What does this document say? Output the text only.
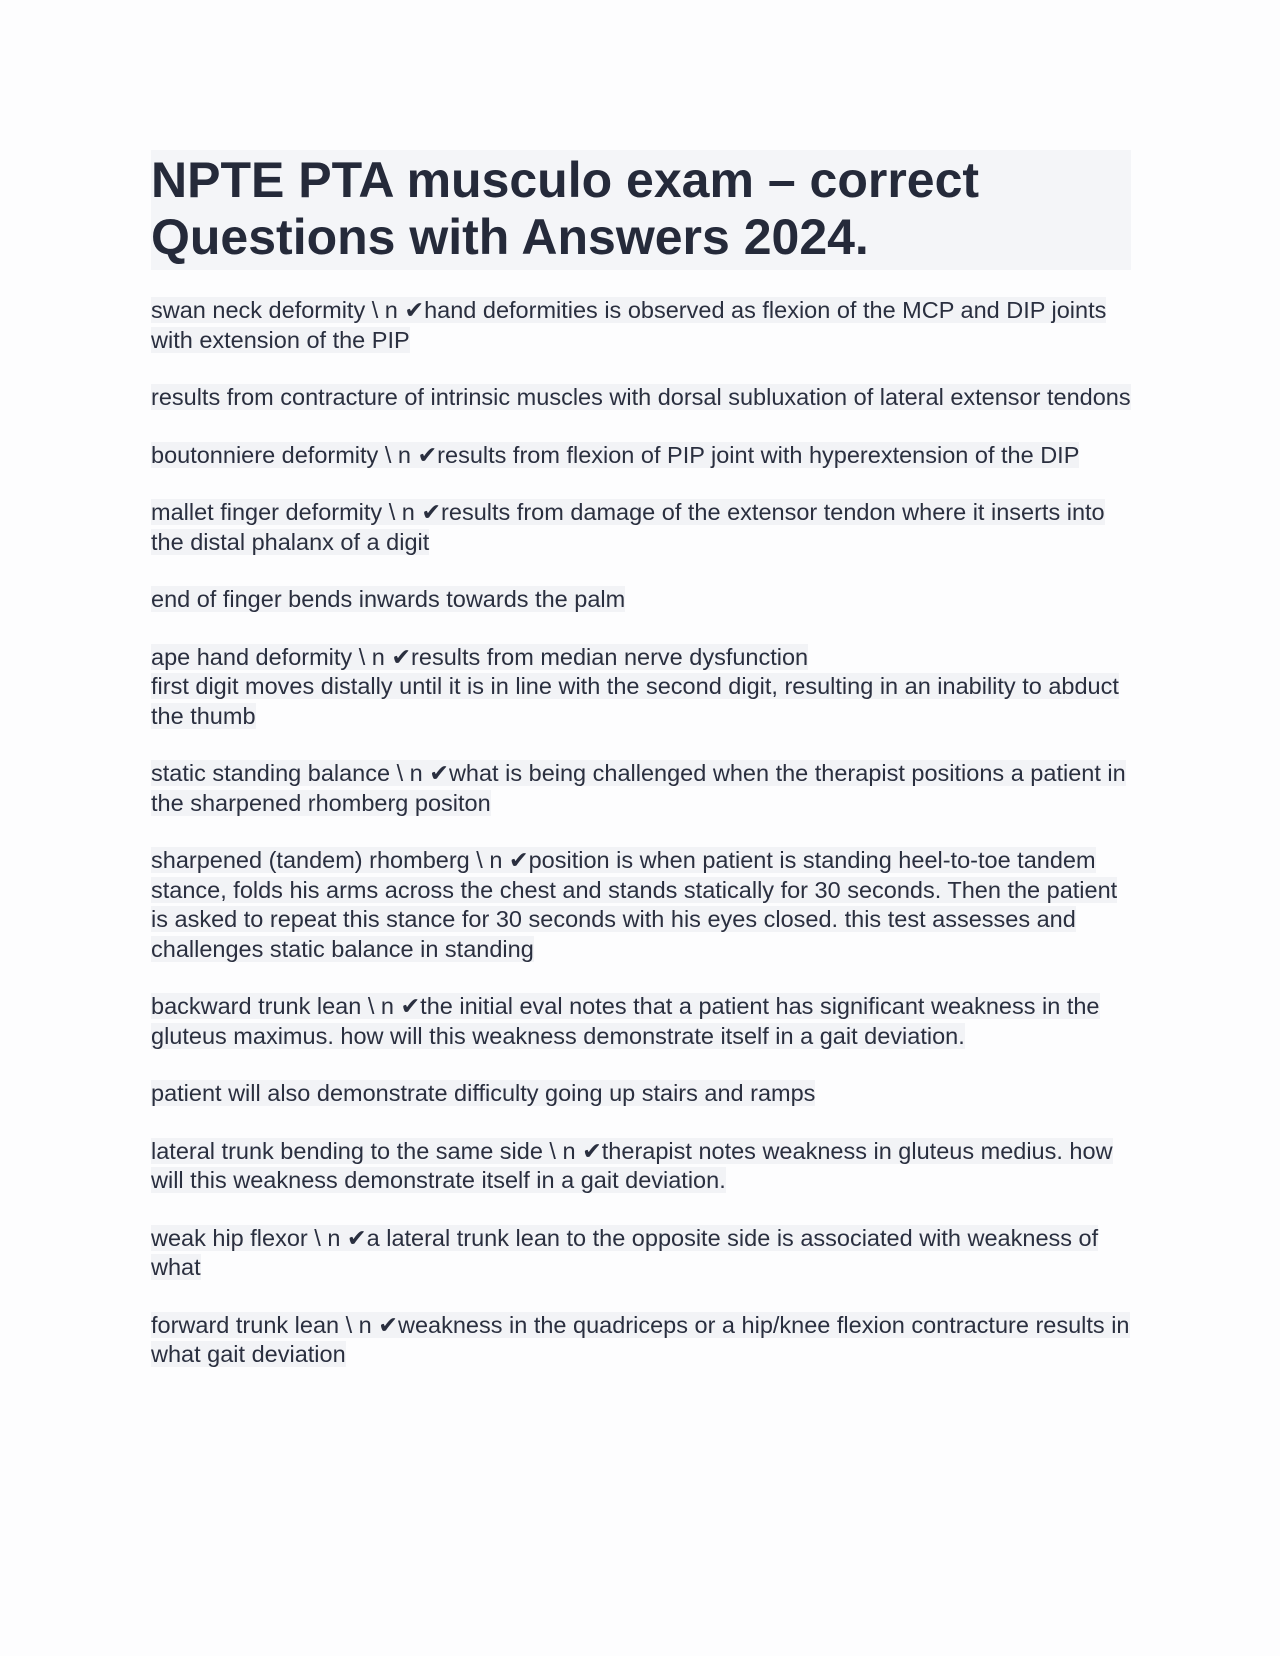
NPTE PTA musculo exam – correct Questions with Answers 2024.

swan neck deformity \ n ✔hand deformities is observed as flexion of the MCP and DIP joints with extension of the PIP

results from contracture of intrinsic muscles with dorsal subluxation of lateral extensor tendons

boutonniere deformity \ n ✔results from flexion of PIP joint with hyperextension of the DIP

mallet finger deformity \ n ✔results from damage of the extensor tendon where it inserts into the distal phalanx of a digit

end of finger bends inwards towards the palm

ape hand deformity \ n ✔results from median nerve dysfunction

first digit moves distally until it is in line with the second digit, resulting in an inability to abduct the thumb

static standing balance \ n ✔what is being challenged when the therapist positions a patient in the sharpened rhomberg positon

sharpened (tandem) rhomberg \ n ✔position is when patient is standing heel-to-toe tandem stance, folds his arms across the chest and stands statically for 30 seconds. Then the patient is asked to repeat this stance for 30 seconds with his eyes closed. this test assesses and challenges static balance in standing

backward trunk lean \ n ✔the initial eval notes that a patient has significant weakness in the gluteus maximus. how will this weakness demonstrate itself in a gait deviation.

patient will also demonstrate difficulty going up stairs and ramps

lateral trunk bending to the same side \ n ✔therapist notes weakness in gluteus medius. how will this weakness demonstrate itself in a gait deviation.

weak hip flexor \ n ✔a lateral trunk lean to the opposite side is associated with weakness of what

forward trunk lean \ n ✔weakness in the quadriceps or a hip/knee flexion contracture results in what gait deviation
